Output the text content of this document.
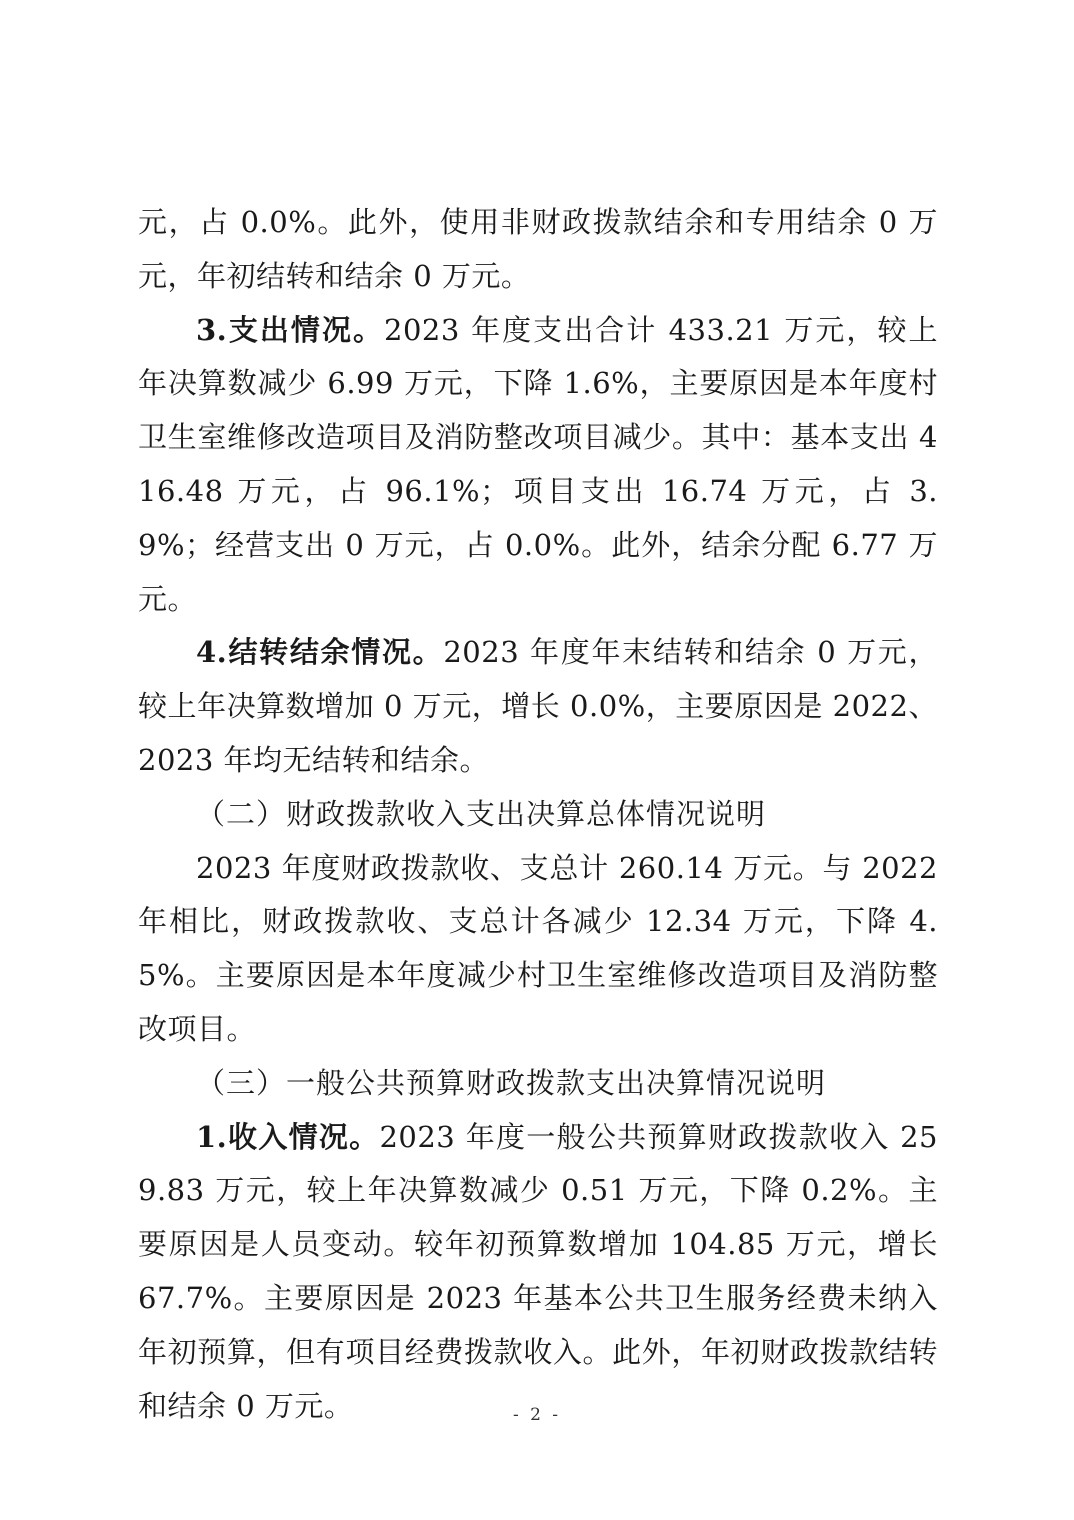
元，占 0.0%。此外，使用非财政拨款结余和专用结余 0 万元，年初结转和结余 0 万元。

3.支出情况。2023 年度支出合计 433.21 万元，较上年决算数减少 6.99 万元，下降 1.6%，主要原因是本年度村卫生室维修改造项目及消防整改项目减少。其中：基本支出 416.48 万元，占 96.1%；项目支出 16.74 万元，占 3.9%；经营支出 0 万元，占 0.0%。此外，结余分配 6.77 万元。

4.结转结余情况。2023 年度年末结转和结余 0 万元，较上年决算数增加 0 万元，增长 0.0%，主要原因是 2022、2023 年均无结转和结余。

（二）财政拨款收入支出决算总体情况说明

2023 年度财政拨款收、支总计 260.14 万元。与 2022 年相比，财政拨款收、支总计各减少 12.34 万元，下降 4.5%。主要原因是本年度减少村卫生室维修改造项目及消防整改项目。

（三）一般公共预算财政拨款支出决算情况说明

1.收入情况。2023 年度一般公共预算财政拨款收入 259.83 万元，较上年决算数减少 0.51 万元，下降 0.2%。主要原因是人员变动。较年初预算数增加 104.85 万元，增长 67.7%。主要原因是 2023 年基本公共卫生服务经费未纳入年初预算，但有项目经费拨款收入。此外，年初财政拨款结转和结余 0 万元。	- 2 -
